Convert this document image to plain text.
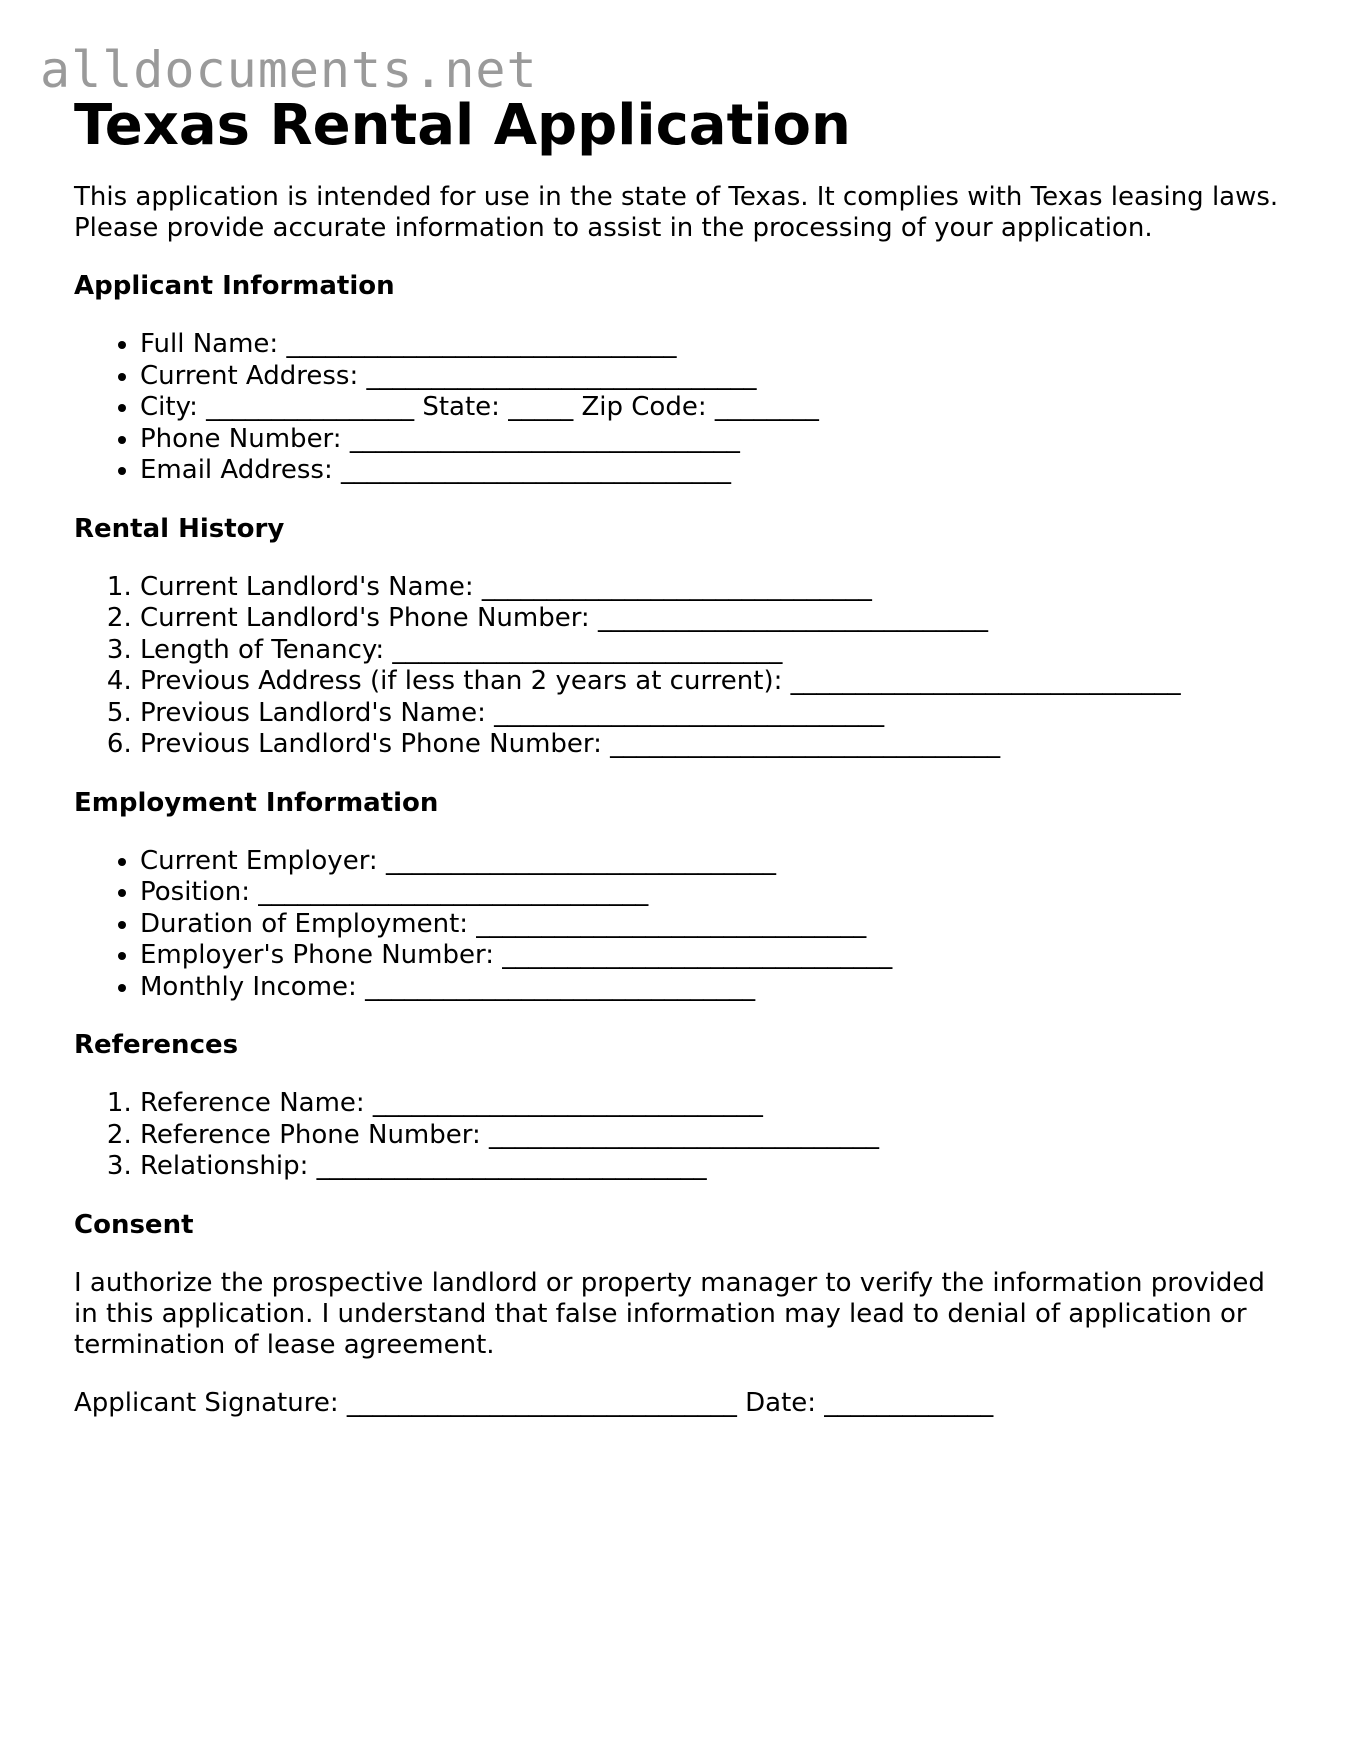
alldocuments.net
Texas Rental Application

This application is intended for use in the state of Texas. It complies with Texas leasing laws. Please provide accurate information to assist in the processing of your application.

Applicant Information
• Full Name: ______________________________
• Current Address: ______________________________
• City: ________________ State: _____ Zip Code: ________
• Phone Number: ______________________________
• Email Address: ______________________________
Rental History
1. Current Landlord's Name: ______________________________
2. Current Landlord's Phone Number: ______________________________
3. Length of Tenancy: ______________________________
4. Previous Address (if less than 2 years at current): ______________________________
5. Previous Landlord's Name: ______________________________
6. Previous Landlord's Phone Number: ______________________________
Employment Information
• Current Employer: ______________________________
• Position: ______________________________
• Duration of Employment: ______________________________
• Employer's Phone Number: ______________________________
• Monthly Income: ______________________________
References
1. Reference Name: ______________________________
2. Reference Phone Number: ______________________________
3. Relationship: ______________________________
Consent

I authorize the prospective landlord or property manager to verify the information provided in this application. I understand that false information may lead to denial of application or termination of lease agreement.

Applicant Signature: ______________________________ Date: _____________
